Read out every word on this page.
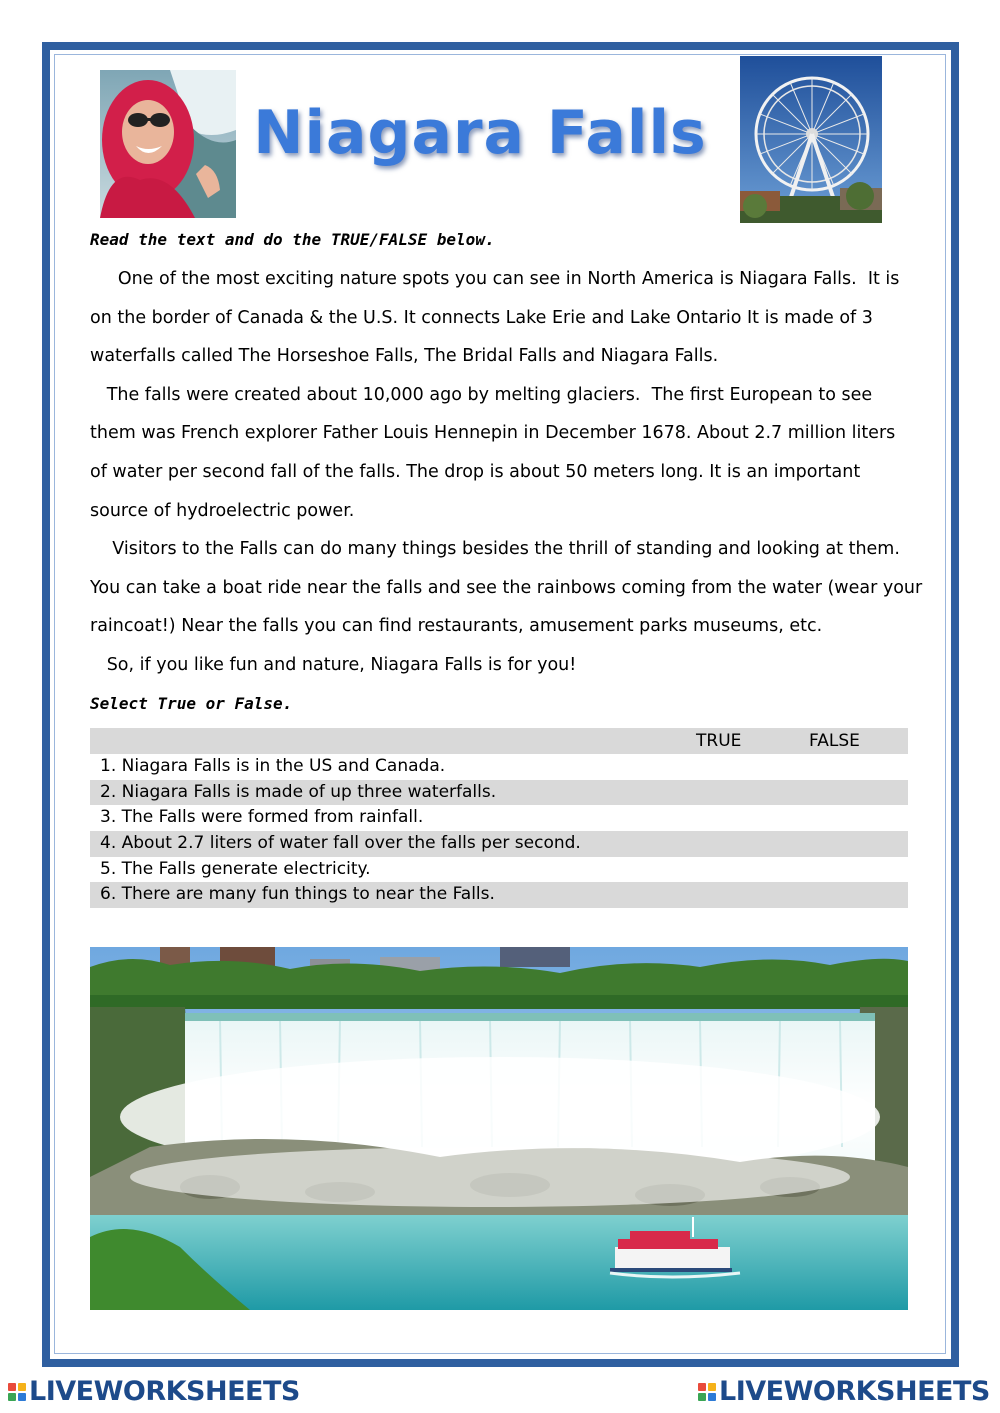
Niagara Falls
Read the text and do the TRUE/FALSE below.

One of the most exciting nature spots you can see in North America is Niagara Falls.  It is

on the border of Canada & the U.S. It connects Lake Erie and Lake Ontario It is made of 3

waterfalls called The Horseshoe Falls, The Bridal Falls and Niagara Falls.

The falls were created about 10,000 ago by melting glaciers.  The first European to see

them was French explorer Father Louis Hennepin in December 1678. About 2.7 million liters

of water per second fall of the falls. The drop is about 50 meters long. It is an important

source of hydroelectric power.

Visitors to the Falls can do many things besides the thrill of standing and looking at them.

You can take a boat ride near the falls and see the rainbows coming from the water (wear your

raincoat!) Near the falls you can find restaurants, amusement parks museums, etc.

So, if you like fun and nature, Niagara Falls is for you!

Select True or False.
TRUE	FALSE
1. Niagara Falls is in the US and Canada.
2. Niagara Falls is made of up three waterfalls.
3. The Falls were formed from rainfall.
4. About 2.7 liters of water fall over the falls per second.
5. The Falls generate electricity.
6. There are many fun things to near the Falls.
LIVEWORKSHEETS	LIVEWORKSHEETS
